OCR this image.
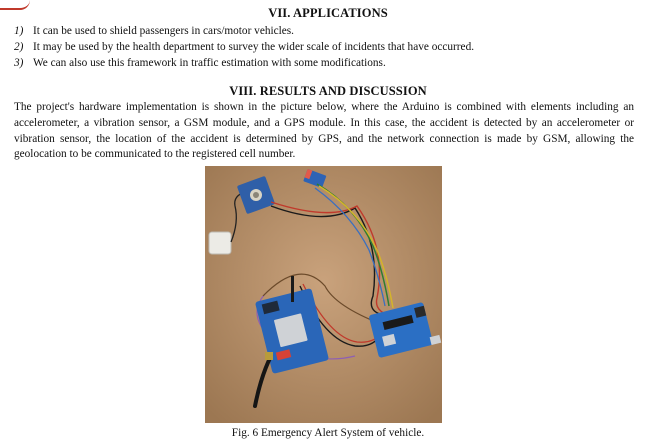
VII. APPLICATIONS
1) It can be used to shield passengers in cars/motor vehicles.
2) It may be used by the health department to survey the wider scale of incidents that have occurred.
3) We can also use this framework in traffic estimation with some modifications.
VIII. RESULTS AND DISCUSSION
The project's hardware implementation is shown in the picture below, where the Arduino is combined with elements including an accelerometer, a vibration sensor, a GSM module, and a GPS module. In this case, the accident is detected by an accelerometer or vibration sensor, the location of the accident is determined by GPS, and the network connection is made by GSM, allowing the geolocation to be communicated to the registered cell number.
Fig. 6 Emergency Alert System of vehicle.
